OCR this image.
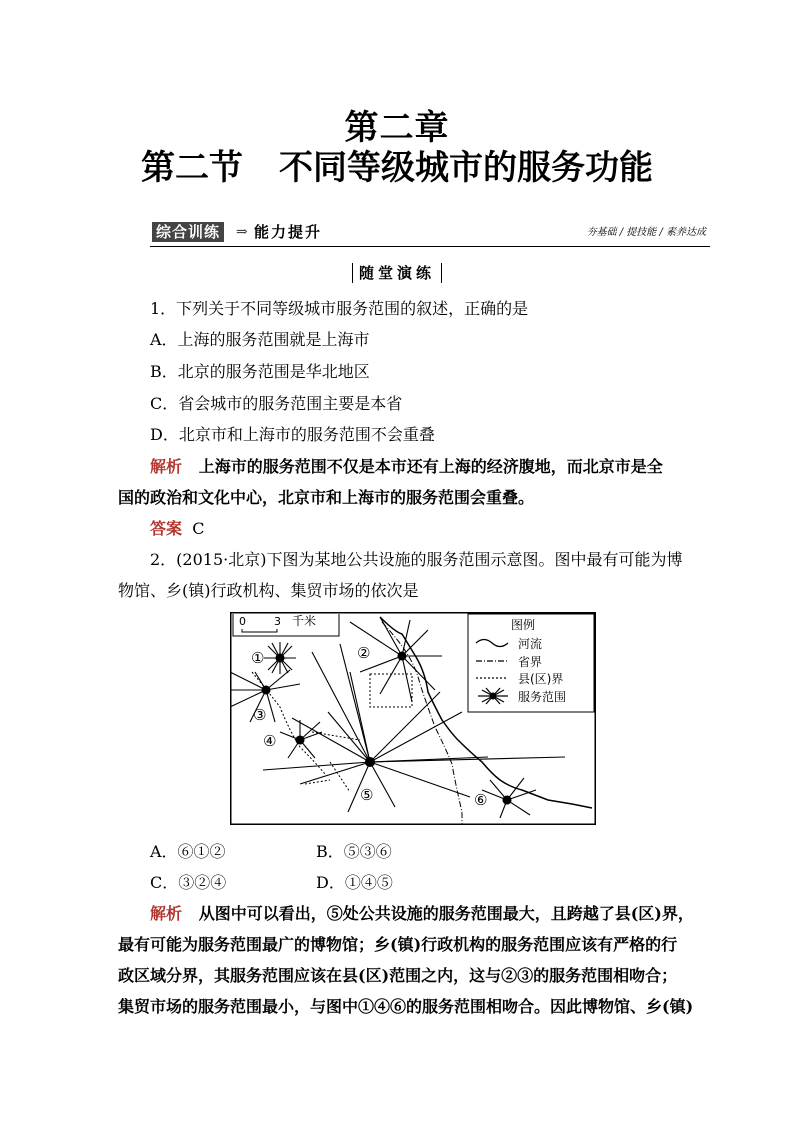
第二章
第二节 不同等级城市的服务功能
综合训练 ⇒ 能力提升	夯基础 / 提技能 / 素养达成
随堂演练
1．下列关于不同等级城市服务范围的叙述，正确的是
A．上海的服务范围就是上海市
B．北京的服务范围是华北地区
C．省会城市的服务范围主要是本省
D．北京市和上海市的服务范围不会重叠
解析 上海市的服务范围不仅是本市还有上海的经济腹地，而北京市是全
国的政治和文化中心，北京市和上海市的服务范围会重叠。
答案 C
2．(2015·北京)下图为某地公共设施的服务范围示意图。图中最有可能为博
物馆、乡(镇)行政机构、集贸市场的依次是
0	3 千米	图例
河流
省界
县(区)界
服务范围
①	②
③
④
⑤	⑥
A．⑥①②	B．⑤③⑥
C．③②④	D．①④⑤
解析 从图中可以看出，⑤处公共设施的服务范围最大，且跨越了县(区)界，
最有可能为服务范围最广的博物馆；乡(镇)行政机构的服务范围应该有严格的行
政区域分界，其服务范围应该在县(区)范围之内，这与②③的服务范围相吻合；
集贸市场的服务范围最小，与图中①④⑥的服务范围相吻合。因此博物馆、乡(镇)
